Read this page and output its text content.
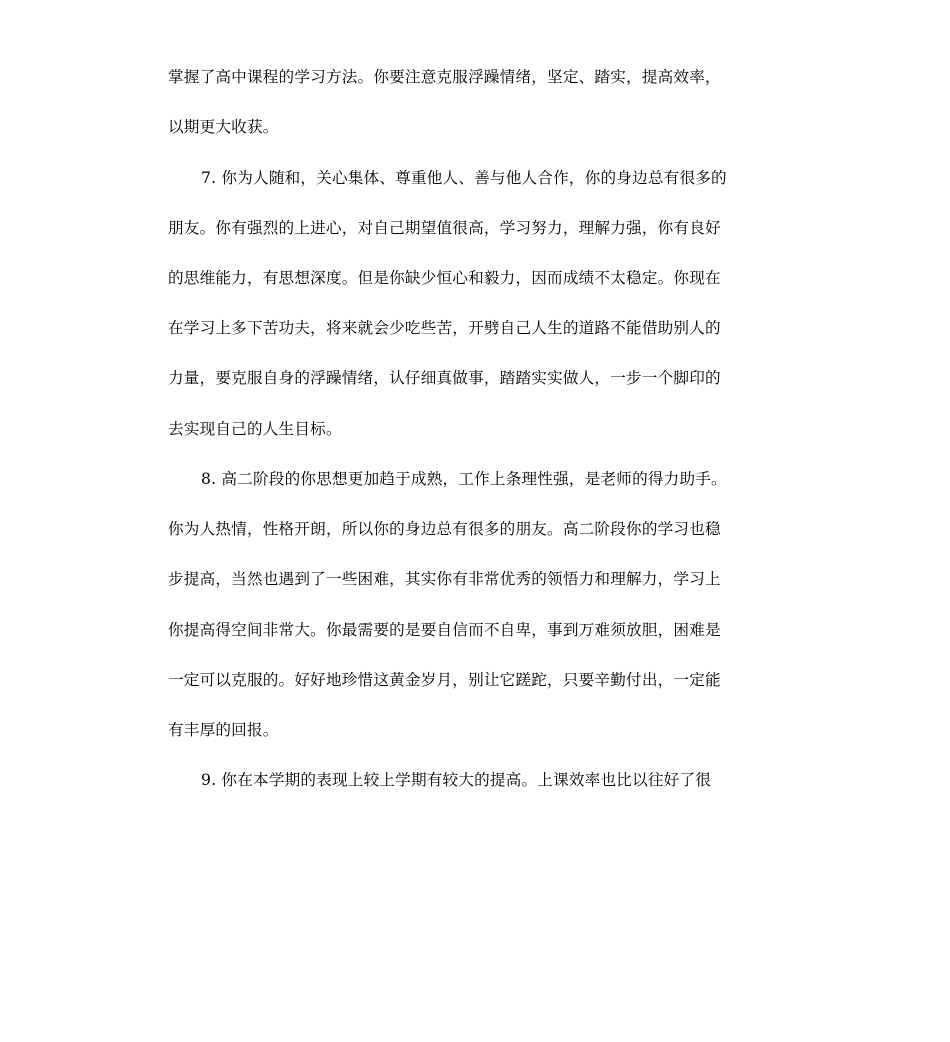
掌握了高中课程的学习方法。你要注意克服浮躁情绪，坚定、踏实，提高效率，
以期更大收获。
7. 你为人随和，关心集体、尊重他人、善与他人合作，你的身边总有很多的
朋友。你有强烈的上进心，对自己期望值很高，学习努力，理解力强，你有良好
的思维能力，有思想深度。但是你缺少恒心和毅力，因而成绩不太稳定。你现在
在学习上多下苦功夫，将来就会少吃些苦，开劈自己人生的道路不能借助别人的
力量，要克服自身的浮躁情绪，认仔细真做事，踏踏实实做人，一步一个脚印的
去实现自己的人生目标。
8. 高二阶段的你思想更加趋于成熟，工作上条理性强，是老师的得力助手。
你为人热情，性格开朗，所以你的身边总有很多的朋友。高二阶段你的学习也稳
步提高，当然也遇到了一些困难，其实你有非常优秀的领悟力和理解力，学习上
你提高得空间非常大。你最需要的是要自信而不自卑，事到万难须放胆，困难是
一定可以克服的。好好地珍惜这黄金岁月，别让它蹉跎，只要辛勤付出，一定能
有丰厚的回报。
9. 你在本学期的表现上较上学期有较大的提高。上课效率也比以往好了很
